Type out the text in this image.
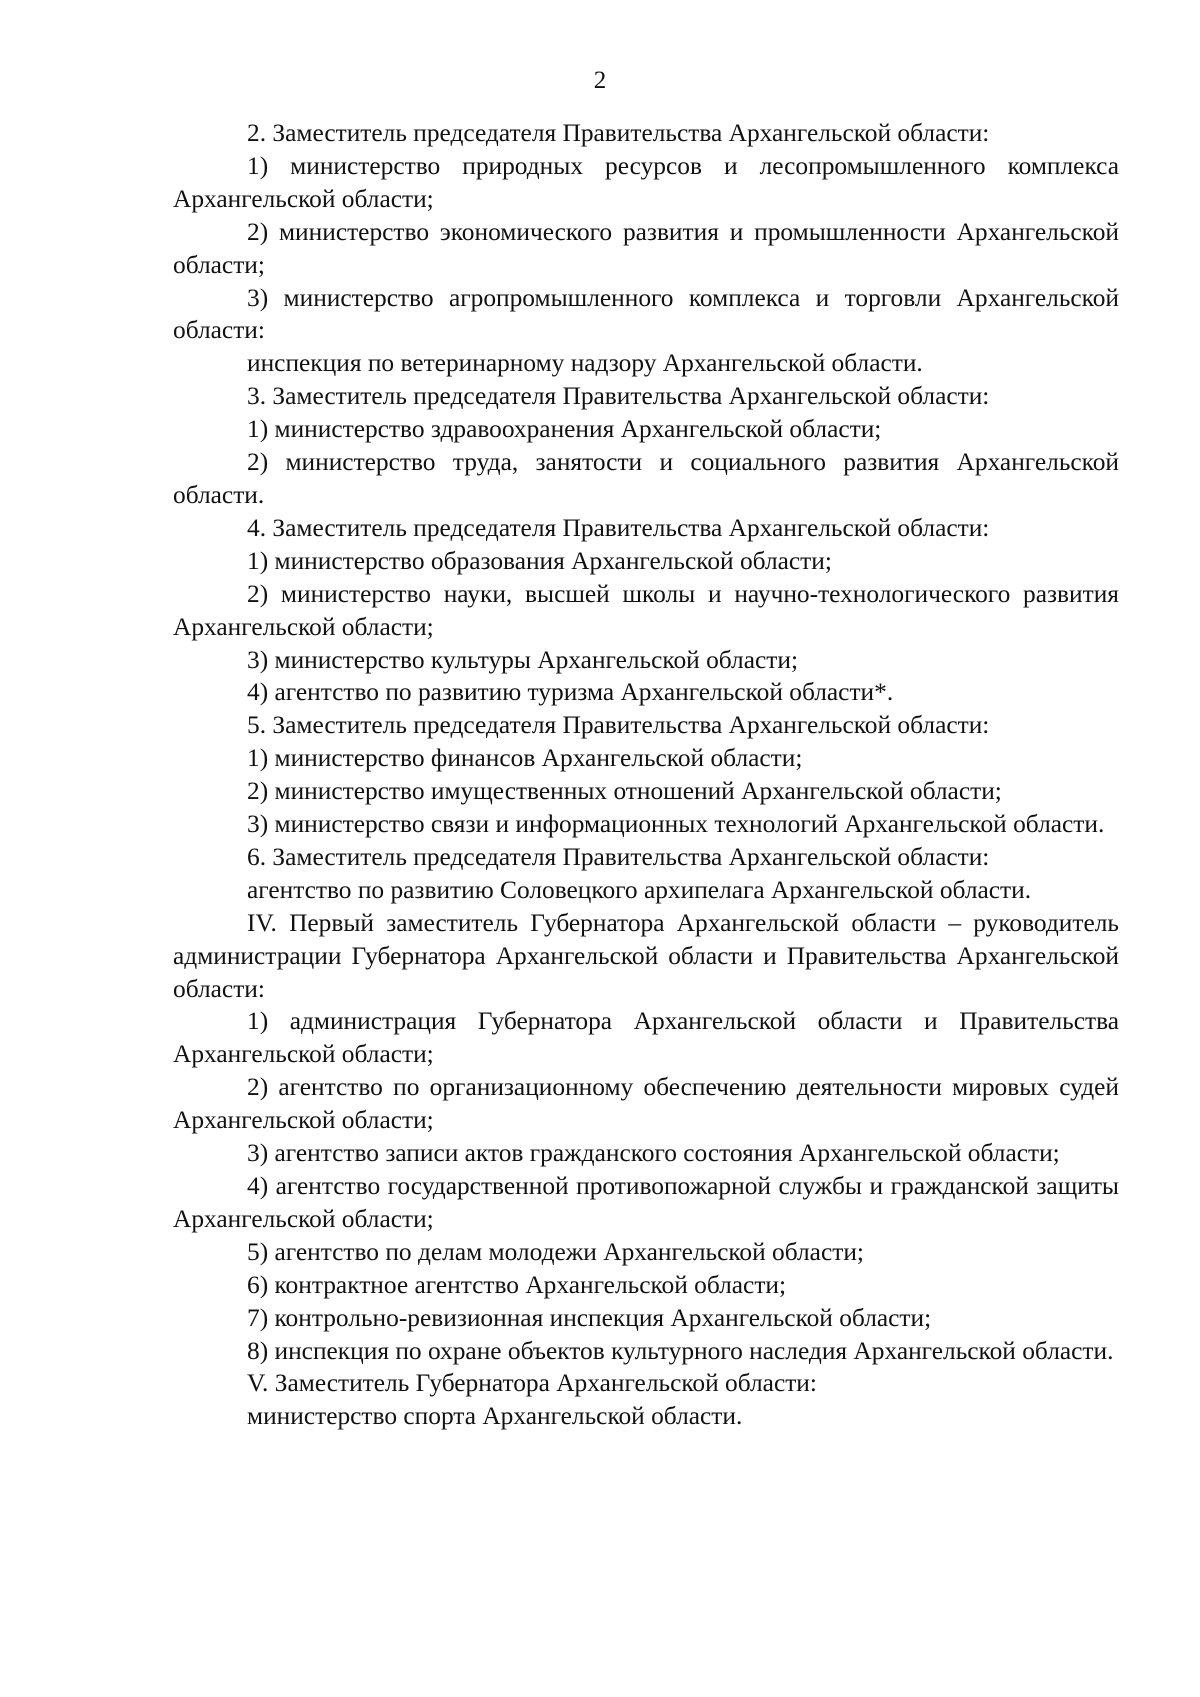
2

2. Заместитель председателя Правительства Архангельской области:

1) министерство природных ресурсов и лесопромышленного комплекса Архангельской области;

2) министерство экономического развития и промышленности Архангельской области;

3) министерство агропромышленного комплекса и торговли Архангельской области:

инспекция по ветеринарному надзору Архангельской области.

3. Заместитель председателя Правительства Архангельской области:

1) министерство здравоохранения Архангельской области;

2) министерство труда, занятости и социального развития Архангельской области.

4. Заместитель председателя Правительства Архангельской области:

1) министерство образования Архангельской области;

2) министерство науки, высшей школы и научно-технологического развития Архангельской области;

3) министерство культуры Архангельской области;

4) агентство по развитию туризма Архангельской области*.

5. Заместитель председателя Правительства Архангельской области:

1) министерство финансов Архангельской области;

2) министерство имущественных отношений Архангельской области;

3) министерство связи и информационных технологий Архангельской области.

6. Заместитель председателя Правительства Архангельской области:

агентство по развитию Соловецкого архипелага Архангельской области.

IV. Первый заместитель Губернатора Архангельской области – руководитель администрации Губернатора Архангельской области и Правительства Архангельской области:

1) администрация Губернатора Архангельской области и Правительства Архангельской области;

2) агентство по организационному обеспечению деятельности мировых судей Архангельской области;

3) агентство записи актов гражданского состояния Архангельской области;

4) агентство государственной противопожарной службы и гражданской защиты Архангельской области;

5) агентство по делам молодежи Архангельской области;

6) контрактное агентство Архангельской области;

7) контрольно-ревизионная инспекция Архангельской области;

8) инспекция по охране объектов культурного наследия Архангельской области.

V. Заместитель Губернатора Архангельской области:

министерство спорта Архангельской области.
